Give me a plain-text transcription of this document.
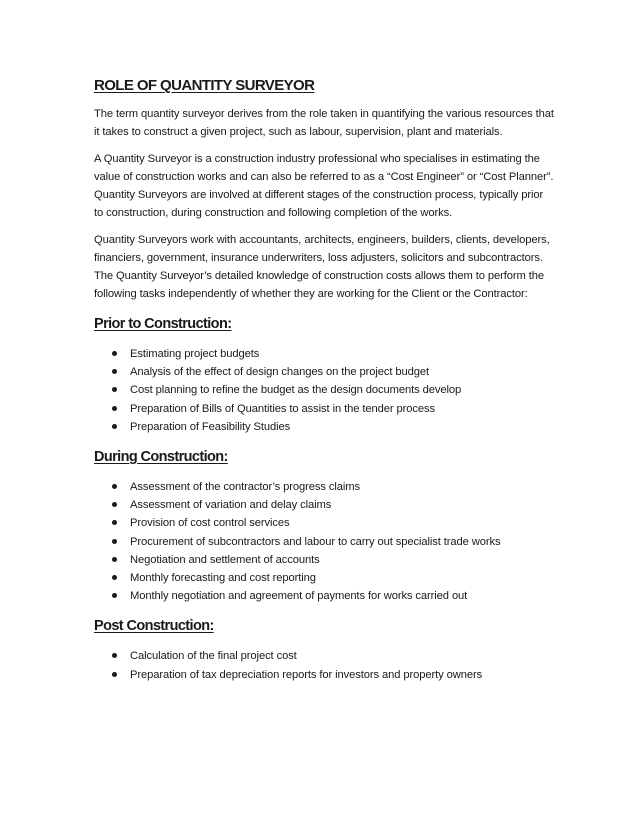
ROLE OF QUANTITY SURVEYOR

The term quantity surveyor derives from the role taken in quantifying the various resources that it takes to construct a given project, such as labour, supervision, plant and materials.

A Quantity Surveyor is a construction industry professional who specialises in estimating the value of construction works and can also be referred to as a “Cost Engineer” or “Cost Planner”. Quantity Surveyors are involved at different stages of the construction process, typically prior to construction, during construction and following completion of the works.

Quantity Surveyors work with accountants, architects, engineers, builders, clients, developers, financiers, government, insurance underwriters, loss adjusters, solicitors and subcontractors. The Quantity Surveyor’s detailed knowledge of construction costs allows them to perform the following tasks independently of whether they are working for the Client or the Contractor:

Prior to Construction:
Estimating project budgets
Analysis of the effect of design changes on the project budget
Cost planning to refine the budget as the design documents develop
Preparation of Bills of Quantities to assist in the tender process
Preparation of Feasibility Studies
During Construction:
Assessment of the contractor’s progress claims
Assessment of variation and delay claims
Provision of cost control services
Procurement of subcontractors and labour to carry out specialist trade works
Negotiation and settlement of accounts
Monthly forecasting and cost reporting
Monthly negotiation and agreement of payments for works carried out
Post Construction:
Calculation of the final project cost
Preparation of tax depreciation reports for investors and property owners
